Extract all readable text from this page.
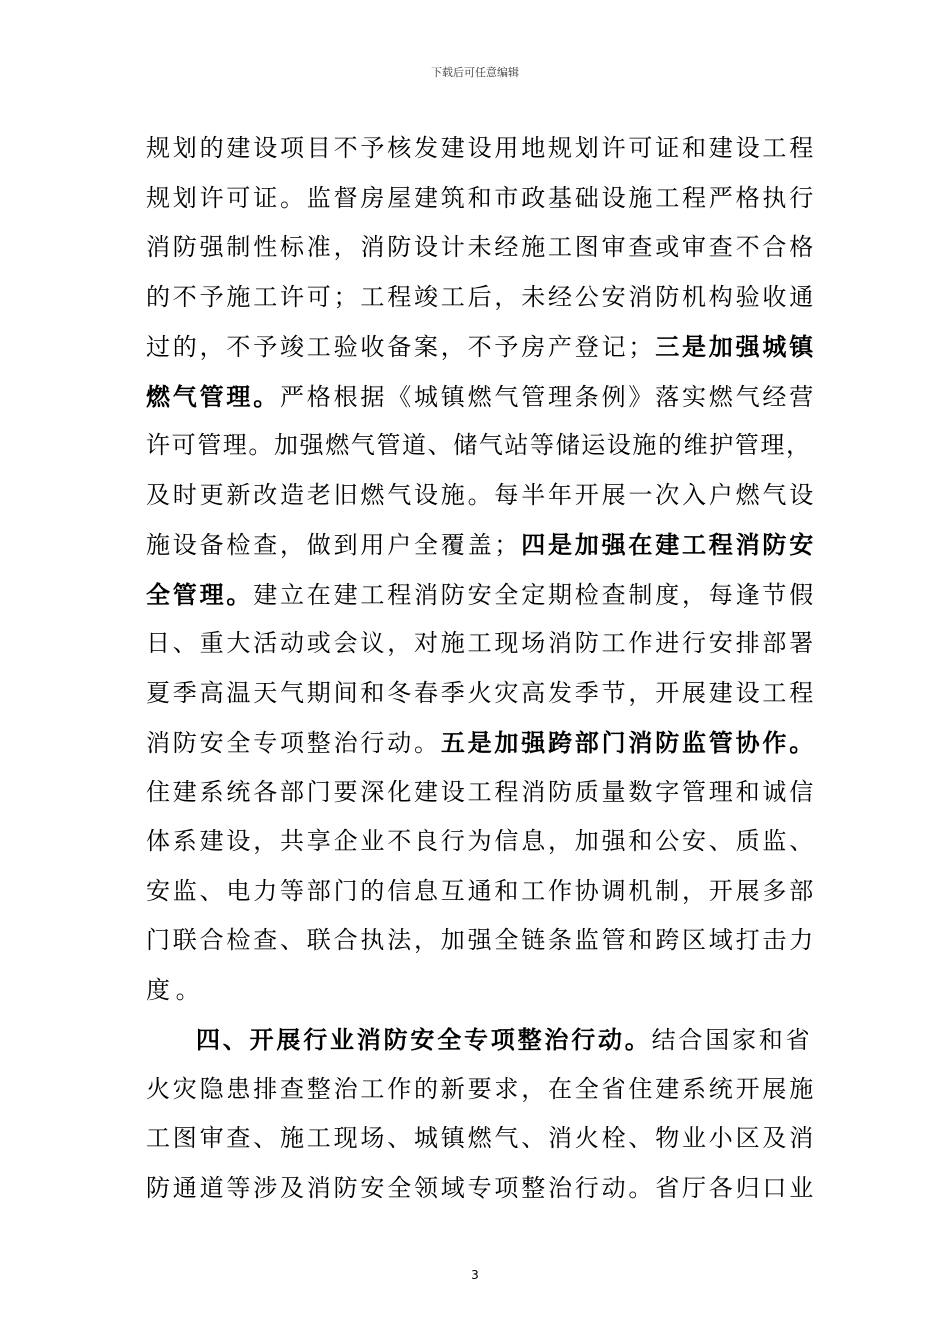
下载后可任意编辑
规划的建设项目不予核发建设用地规划许可证和建设工程
规划许可证。监督房屋建筑和市政基础设施工程严格执行
消防强制性标准，消防设计未经施工图审查或审查不合格
的不予施工许可；工程竣工后，未经公安消防机构验收通
过的，不予竣工验收备案，不予房产登记；三是加强城镇
燃气管理。严格根据《城镇燃气管理条例》落实燃气经营
许可管理。加强燃气管道、储气站等储运设施的维护管理，
及时更新改造老旧燃气设施。每半年开展一次入户燃气设
施设备检查，做到用户全覆盖；四是加强在建工程消防安
全管理。建立在建工程消防安全定期检查制度，每逢节假
日、重大活动或会议，对施工现场消防工作进行安排部署
夏季高温天气期间和冬春季火灾高发季节，开展建设工程
消防安全专项整治行动。五是加强跨部门消防监管协作。
住建系统各部门要深化建设工程消防质量数字管理和诚信
体系建设，共享企业不良行为信息，加强和公安、质监、
安监、电力等部门的信息互通和工作协调机制，开展多部
门联合检查、联合执法，加强全链条监管和跨区域打击力
度。
四、开展行业消防安全专项整治行动。结合国家和省
火灾隐患排查整治工作的新要求，在全省住建系统开展施
工图审查、施工现场、城镇燃气、消火栓、物业小区及消
防通道等涉及消防安全领域专项整治行动。省厅各归口业
3
